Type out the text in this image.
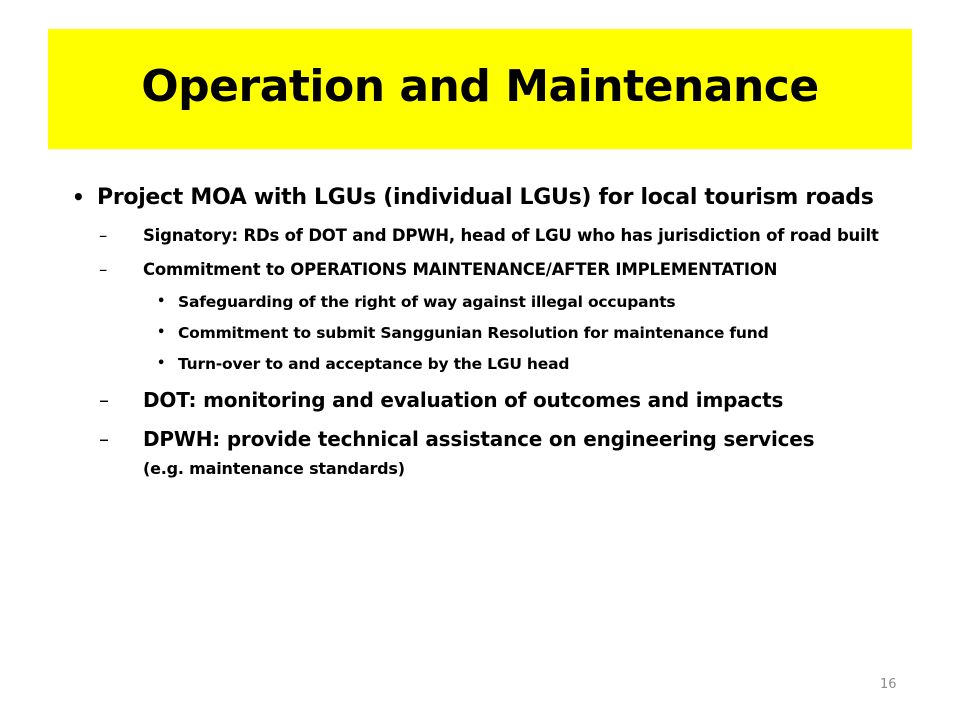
Operation and Maintenance
• Project MOA with LGUs (individual LGUs) for local tourism roads
– Signatory: RDs of DOT and DPWH, head of LGU who has jurisdiction of road built
– Commitment to OPERATIONS MAINTENANCE/AFTER IMPLEMENTATION
• Safeguarding of the right of way against illegal occupants
• Commitment to submit Sanggunian Resolution for maintenance fund
• Turn-over to and acceptance by the LGU head
– DOT: monitoring and evaluation of outcomes and impacts
– DPWH: provide technical assistance on engineering services
(e.g. maintenance standards)
16
